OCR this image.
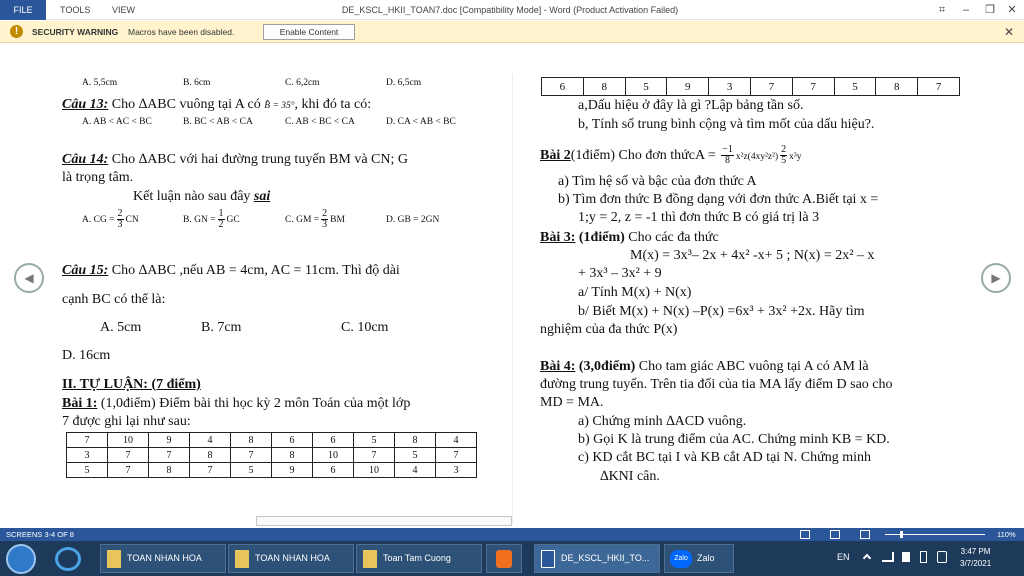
FILE	TOOLS VIEW	DE_KSCL_HKII_TOAN7.doc [Compatibility Mode] - Word (Product Activation Failed)	⌗	–	❐	✕
!	SECURITY WARNING Macros have been disabled.	Enable Content	✕
A. 5,5cm	B. 6cm	C. 6,2cm	D. 6,5cm
Câu 13: Cho ∆ABC vuông tại A có B̂ = 35°, khi đó ta có:
A. AB < AC < BC	B. BC < AB < CA	C. AB < BC < CA	D. CA < AB < BC
Câu 14: Cho ∆ABC với hai đường trung tuyến BM và CN; G
là trọng tâm.
Kết luận nào sau đây sai
A. CG = $\frac{2}{3}$ CN	B. GN = $\frac{1}{2}$ GC	C. GM = $\frac{2}{3}$ BM	D. GB = 2GN
Câu 15: Cho ∆ABC ,nếu AB = 4cm, AC = 11cm. Thì độ dài
cạnh BC có thể là:
A. 5cm	B. 7cm	C. 10cm
D. 16cm
II. TỰ LUẬN: (7 điểm)
Bài 1: (1,0điểm) Điểm bài thi học kỳ 2 môn Toán của một lớp
7 được ghi lại như sau:
7	10	9	4	8	6	6	5	8	4
3	7	7	8	7	8	10	7	5	7
5	7	8	7	5	9	6	10	4	3
6	8	5	9	3	7	7	5	8	7
a,Dấu hiệu ở đây là gì ?Lập bảng tần số.
b, Tính số trung bình cộng và tìm mốt của dấu hiệu?.
Bài 2(1điểm) Cho đơn thứcA = $\frac{-1}{8} x^2z(4xy^2z^2) \frac{2}{5} x^3y$
a) Tìm hệ số và bậc của đơn thức A
b) Tìm đơn thức B đồng dạng với đơn thức A.Biết tại x =
1;y = 2, z = -1 thì đơn thức B có giá trị là 3
Bài 3: (1điểm) Cho các đa thức
M(x) = 3x³– 2x + 4x² -x+ 5 ; N(x) = 2x² – x
+ 3x³ – 3x² + 9
a/ Tính M(x) + N(x)
b/ Biết M(x) + N(x) –P(x) =6x³ + 3x² +2x. Hãy tìm
nghiệm của đa thức P(x)
Bài 4: (3,0điểm) Cho tam giác ABC vuông tại A có AM là
đường trung tuyến. Trên tia đối của tia MA lấy điểm D sao cho
MD = MA.
a) Chứng minh ∆ACD vuông.
b) Gọi K là trung điểm của AC. Chứng minh KB = KD.
c) KD cắt BC tại I và KB cắt AD tại N. Chứng minh
∆KNI cân.
◀	▶
SCREENS 3-4 OF 8	110%
TOAN NHAN HOA	TOAN NHAN HOA	Toan Tam Cuong	DE_KSCL_HKII_TO...	Zalo	Zalo	EN
3:47 PM
3/7/2021
